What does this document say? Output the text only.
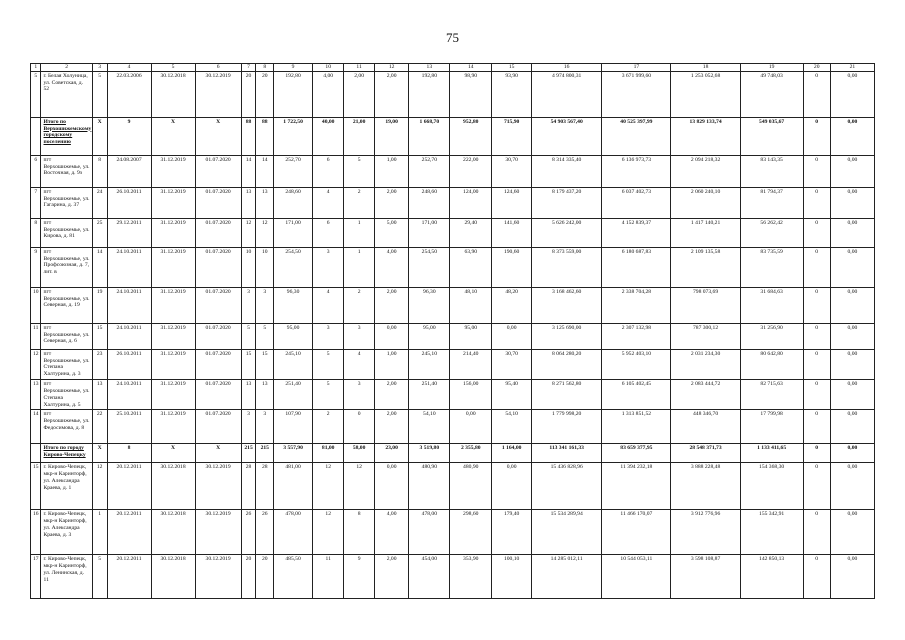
75
1	2	3	4	5	6	7	8	9	10	11	12	13	14	15	16	17	18	19	20	21
5	г. Белая Холуница, ул. Советская, д. 52	5	22.03.2006	30.12.2018	30.12.2019	20	20	192,80	4,00	2,00	2,00	192,80	98,90	93,90	4 974 800,31	3 671 999,60	1 253 052,68	49 748,03	0	0,00
	Итого по Верхошижемскому городскому поселению	X	9	X	X	88	88	1 722,50	40,00	21,00	19,00	1 668,70	952,80	715,90	54 903 567,40	40 525 397,99	13 829 133,74	549 035,67	0	0,00
6	пгт Верхошижемье, ул. Восточная, д. 9з	8	24.08.2007	31.12.2019	01.07.2020	14	14	252,70	6	5	1,00	252,70	222,00	30,70	8 314 335,40	6 136 973,73	2 094 218,32	83 143,35	0	0,00
7	пгт Верхошижемье, ул. Гагарина, д. 37	24	26.10.2011	31.12.2019	01.07.2020	13	13	248,60	4	2	2,00	248,60	124,00	124,60	8 179 437,20	6 037 402,73	2 060 240,10	81 794,37	0	0,00
8	пгт Верхошижемье, ул. Кирова, д. 81	25	29.12.2011	31.12.2019	01.07.2020	12	12	171,00	6	1	5,00	171,00	29,40	141,60	5 626 242,00	4 152 839,37	1 417 140,21	56 262,42	0	0,00
9	пгт Верхошижемье, ул. Профсоюзная, д. 7, лит. в	14	24.10.2011	31.12.2019	01.07.2020	10	10	254,50	3	1	4,00	254,50	63,90	190,60	8 373 559,00	6 180 687,83	2 109 135,58	83 735,59	0	0,00
10	пгт Верхошижемье, ул. Северная, д. 19	19	24.10.2011	31.12.2019	01.07.2020	3	3	96,30	4	2	2,00	96,30	48,10	48,20	3 168 462,60	2 338 704,28	798 073,69	31 684,63	0	0,00
11	пгт Верхошижемье, ул. Северная, д. 6	15	24.10.2011	31.12.2019	01.07.2020	5	5	95,00	3	3	0,00	95,00	95,00	0,00	3 125 690,00	2 307 132,98	787 300,12	31 256,90	0	0,00
12	пгт Верхошижемье, ул. Степана Халтурина, д. 3	23	26.10.2011	31.12.2019	01.07.2020	15	15	245,10	5	4	1,00	245,10	214,40	30,70	8 064 280,20	5 952 403,10	2 031 234,30	80 642,80	0	0,00
13	пгт Верхошижемье, ул. Степана Халтурина, д. 5	13	24.10.2011	31.12.2019	01.07.2020	13	13	251,40	5	3	2,00	251,40	156,00	95,40	8 271 562,80	6 105 402,45	2 083 444,72	82 715,63	0	0,00
14	пгт Верхошижемье, ул. Федосимова, д. 8	22	25.10.2011	31.12.2019	01.07.2020	3	3	107,90	2	0	2,00	54,10	0,00	54,10	1 779 998,20	1 313 851,52	448 346,70	17 799,98	0	0,00
	Итого по городу Кирово-Чепецку	X	8	X	X	215	215	3 557,90	81,00	58,00	23,00	3 519,80	2 355,80	1 164,00	113 341 161,33	83 659 377,95	28 548 371,73	1 133 411,65	0	0,00
15	г. Кирово-Чепецк, мкр-н Каринторф, ул. Александра Краева, д. 1	12	20.12.2011	30.12.2018	30.12.2019	28	28	481,00	12	12	0,00	480,90	480,90	0,00	15 436 828,96	11 394 232,18	3 888 228,48	154 368,30	0	0,00
16	г. Кирово-Чепецк, мкр-н Каринторф, ул. Александра Краева, д. 3	1	20.12.2011	30.12.2018	30.12.2019	26	26	478,00	12	8	4,00	478,00	298,60	179,40	15 534 289,94	11 466 170,07	3 912 776,96	155 342,91	0	0,00
17	г. Кирово-Чепецк, мкр-н Каринторф, ул. Ленинская, д. 11	5	20.12.2011	30.12.2018	30.12.2019	20	20	485,50	11	9	2,00	454,00	353,90	100,10	14 285 012,11	10 544 053,11	3 598 108,87	142 850,13	0	0,00
